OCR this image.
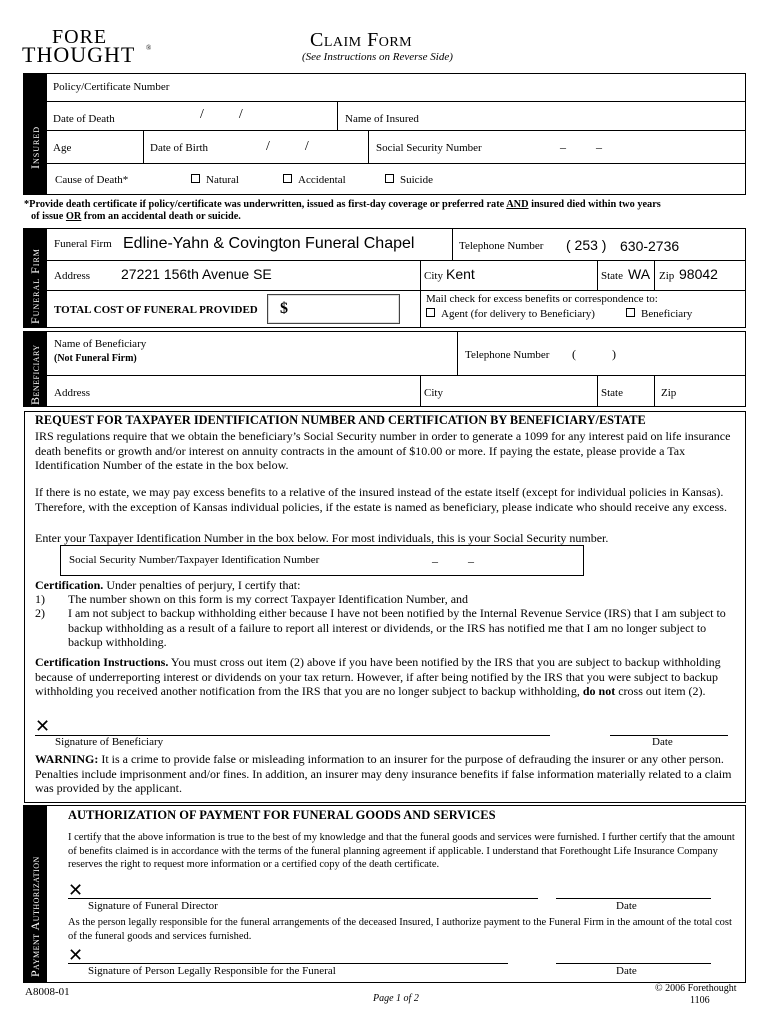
FORE
THOUGHT ®	Claim Form
(See Instructions on Reverse Side)
Insured
Policy/Certificate Number
Date of Death	/          /	Name of Insured
Age	Date of Birth	/          /	Social Security Number	–          –
Cause of Death*	Natural	Accidental	Suicide
*Provide death certificate if policy/certificate was underwritten, issued as first-day coverage or preferred rate AND insured died within two years
of issue OR from an accidental death or suicide.
Funeral Firm
Funeral Firm Edline-Yahn & Covington Funeral Chapel	Telephone Number ( 253 ) 630-2736
Address 27221 156th Avenue SE	City Kent	State WA Zip 98042
TOTAL COST OF FUNERAL PROVIDED $
Mail check for excess benefits or correspondence to:
Agent (for delivery to Beneficiary)	Beneficiary
Beneficiary
Name of Beneficiary
(Not Funeral Firm)	Telephone Number (            )
Address	City	State	Zip
REQUEST FOR TAXPAYER IDENTIFICATION NUMBER AND CERTIFICATION BY BENEFICIARY/ESTATE
IRS regulations require that we obtain the beneficiary’s Social Security number in order to generate a 1099 for any interest paid on life insurance death benefits or growth and/or interest on annuity contracts in the amount of $10.00 or more. If paying the estate, please provide a Tax Identification Number of the estate in the box below.
If there is no estate, we may pay excess benefits to a relative of the insured instead of the estate itself (except for individual policies in Kansas). Therefore, with the exception of Kansas individual policies, if the estate is named as beneficiary, please indicate who should receive any excess.
Enter your Taxpayer Identification Number in the box below. For most individuals, this is your Social Security number.
Social Security Number/Taxpayer Identification Number	–          –
Certification. Under penalties of perjury, I certify that:
1) The number shown on this form is my correct Taxpayer Identification Number, and
2) I am not subject to backup withholding either because I have not been notified by the Internal Revenue Service (IRS) that I am subject to backup withholding as a result of a failure to report all interest or dividends, or the IRS has notified me that I am no longer subject to backup withholding.
Certification Instructions. You must cross out item (2) above if you have been notified by the IRS that you are subject to backup withholding because of underreporting interest or dividends on your tax return. However, if after being notified by the IRS that you were subject to backup withholding you received another notification from the IRS that you are no longer subject to backup withholding, do not cross out item (2).
✕
Signature of Beneficiary	Date
WARNING: It is a crime to provide false or misleading information to an insurer for the purpose of defrauding the insurer or any other person. Penalties include imprisonment and/or fines. In addition, an insurer may deny insurance benefits if false information materially related to a claim was provided by the applicant.
Payment Authorization
AUTHORIZATION OF PAYMENT FOR FUNERAL GOODS AND SERVICES
I certify that the above information is true to the best of my knowledge and that the funeral goods and services were furnished. I further certify that the amount of benefits claimed is in accordance with the terms of the funeral planning agreement if applicable. I understand that Forethought Life Insurance Company reserves the right to request more information or a certified copy of the death certificate.
✕
Signature of Funeral Director	Date
As the person legally responsible for the funeral arrangements of the deceased Insured, I authorize payment to the Funeral Firm in the amount of the total cost of the funeral goods and services furnished.
✕
Signature of Person Legally Responsible for the Funeral	Date
A8008-01
Page 1 of 2
© 2006 Forethought
1106
